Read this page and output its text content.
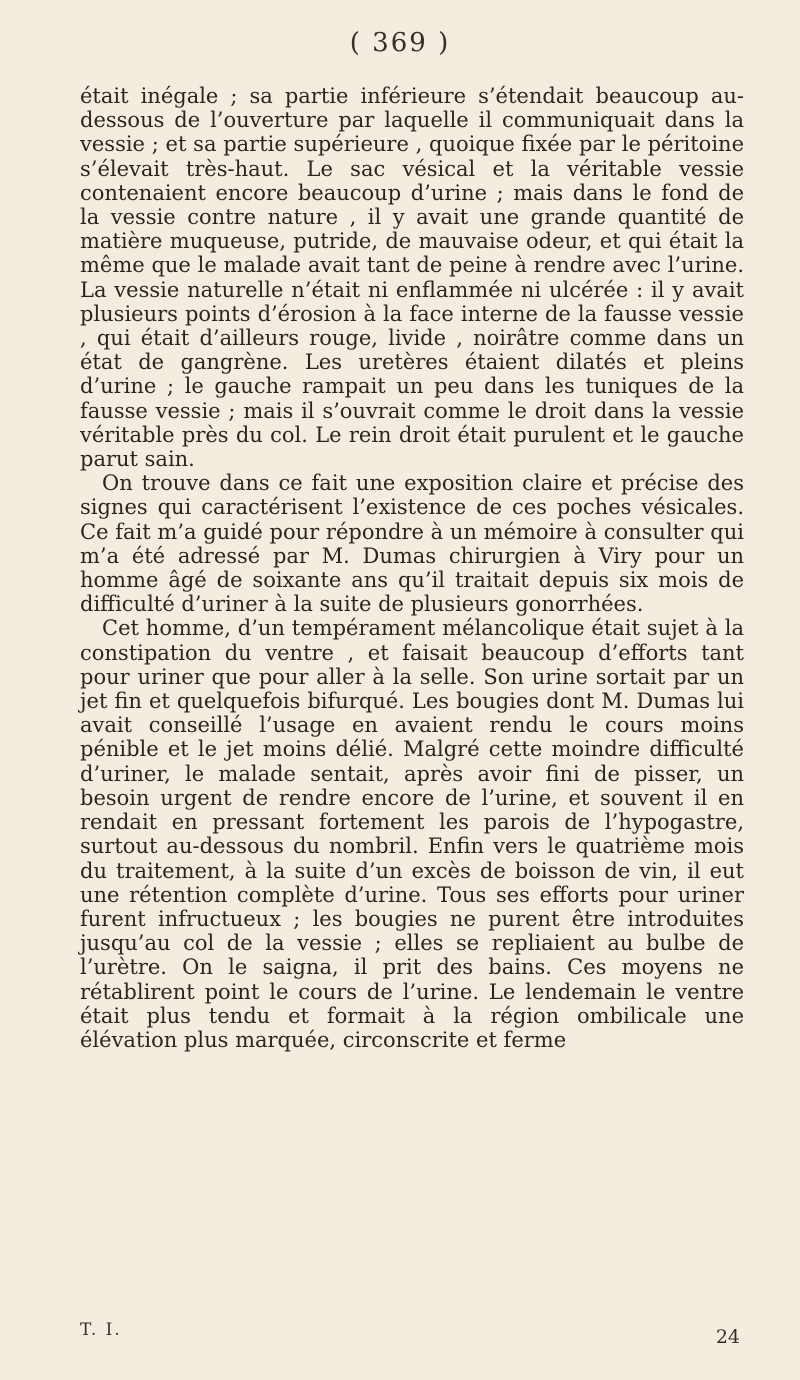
( 369 )

était inégale ; sa partie inférieure s’étendait beaucoup au-dessous de l’ouverture par laquelle il communiquait dans la vessie ; et sa partie supérieure , quoique fixée par le péritoine s’élevait très-haut. Le sac vésical et la véritable vessie contenaient encore beaucoup d’urine ; mais dans le fond de la vessie contre nature , il y avait une grande quantité de matière muqueuse, putride, de mauvaise odeur, et qui était la même que le malade avait tant de peine à rendre avec l’urine. La vessie naturelle n’était ni enflammée ni ulcérée : il y avait plusieurs points d’érosion à la face interne de la fausse vessie , qui était d’ailleurs rouge, livide , noirâtre comme dans un état de gangrène. Les uretères étaient dilatés et pleins d’urine ; le gauche rampait un peu dans les tuniques de la fausse vessie ; mais il s’ouvrait comme le droit dans la vessie véritable près du col. Le rein droit était purulent et le gauche parut sain.

On trouve dans ce fait une exposition claire et précise des signes qui caractérisent l’existence de ces poches vésicales. Ce fait m’a guidé pour répondre à un mémoire à consulter qui m’a été adressé par M. Dumas chirurgien à Viry pour un homme âgé de soixante ans qu’il traitait depuis six mois de difficulté d’uriner à la suite de plusieurs gonorrhées.

Cet homme, d’un tempérament mélancolique était sujet à la constipation du ventre , et faisait beaucoup d’efforts tant pour uriner que pour aller à la selle. Son urine sortait par un jet fin et quelquefois bifurqué. Les bougies dont M. Dumas lui avait conseillé l’usage en avaient rendu le cours moins pénible et le jet moins délié. Malgré cette moindre difficulté d’uriner, le malade sentait, après avoir fini de pisser, un besoin urgent de rendre encore de l’urine, et souvent il en rendait en pressant fortement les parois de l’hypogastre, surtout au-dessous du nombril. Enfin vers le quatrième mois du traitement, à la suite d’un excès de boisson de vin, il eut une rétention complète d’urine. Tous ses efforts pour uriner furent infructueux ; les bougies ne purent être introduites jusqu’au col de la vessie ; elles se repliaient au bulbe de l’urètre. On le saigna, il prit des bains. Ces moyens ne rétablirent point le cours de l’urine. Le lendemain le ventre était plus tendu et formait à la région ombilicale une élévation plus marquée, circonscrite et ferme

T. I.	24
